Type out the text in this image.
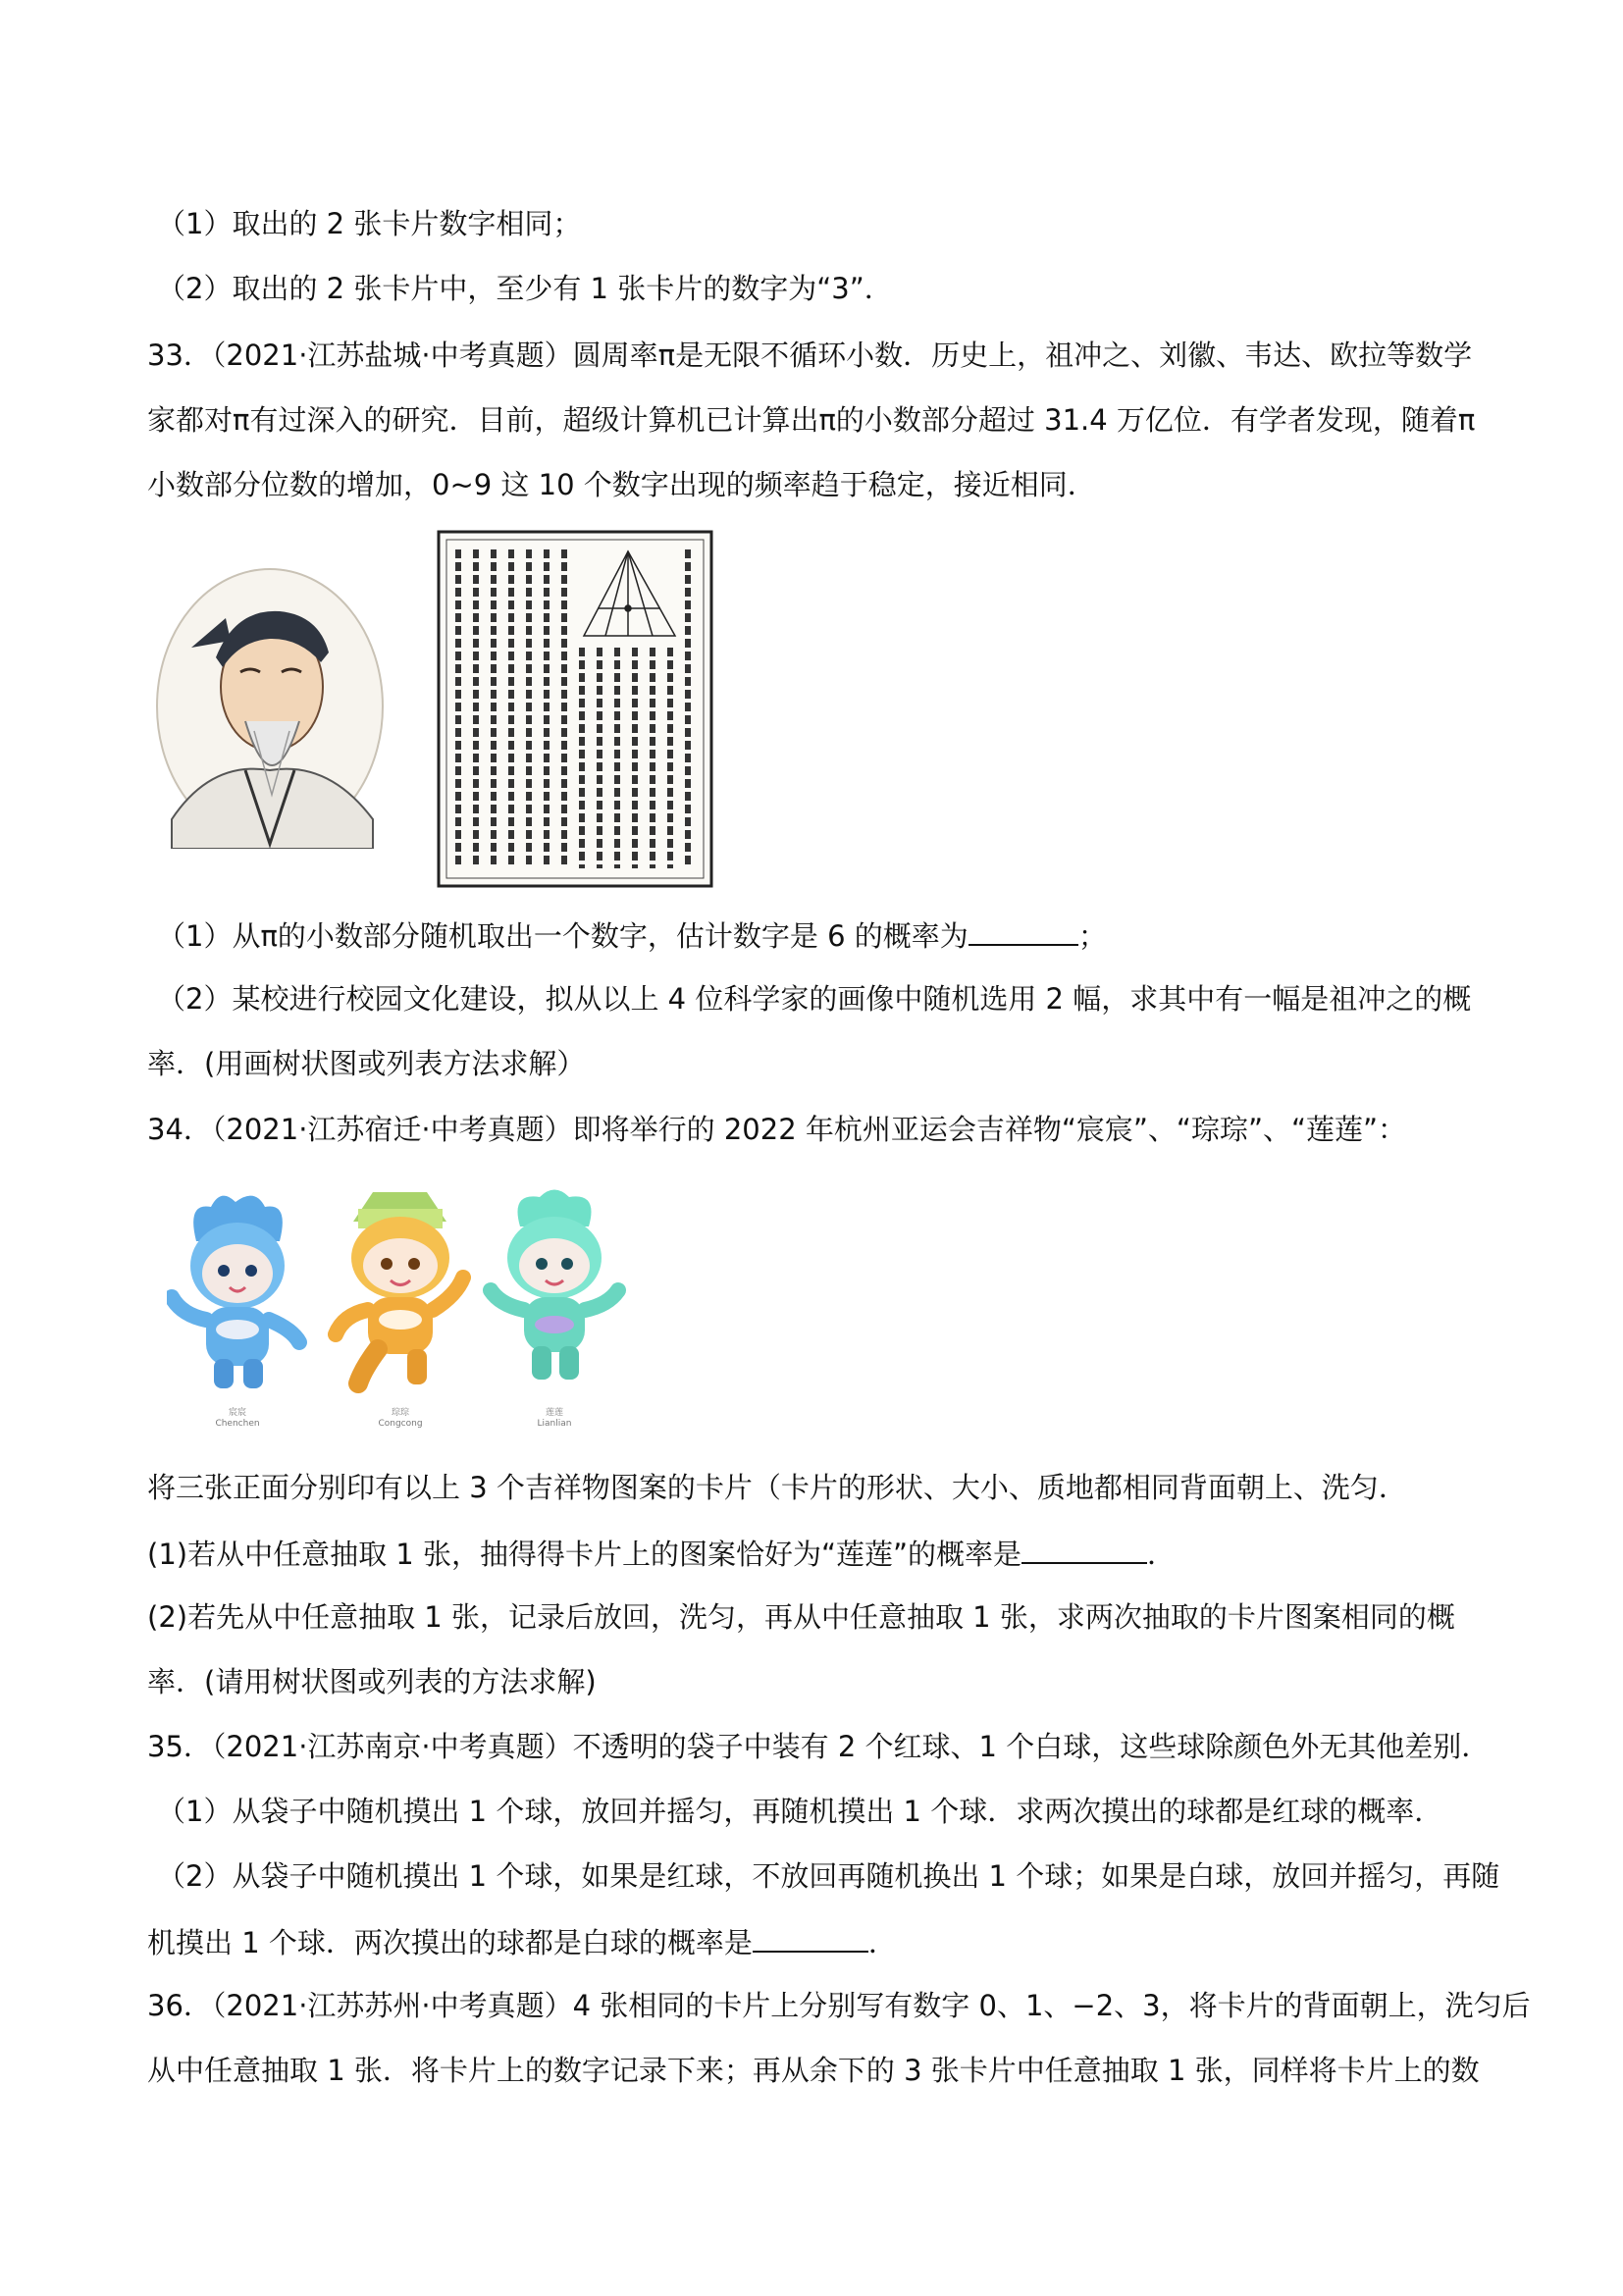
（1）取出的 2 张卡片数字相同；
（2）取出的 2 张卡片中，至少有 1 张卡片的数字为“3”．
33．（2021·江苏盐城·中考真题）圆周率π是无限不循环小数．历史上，祖冲之、刘徽、韦达、欧拉等数学
家都对π有过深入的研究．目前，超级计算机已计算出π的小数部分超过 31.4 万亿位．有学者发现，随着π
小数部分位数的增加，0~9 这 10 个数字出现的频率趋于稳定，接近相同．
（1）从π的小数部分随机取出一个数字，估计数字是 6 的概率为	；
（2）某校进行校园文化建设，拟从以上 4 位科学家的画像中随机选用 2 幅，求其中有一幅是祖冲之的概
率．(用画树状图或列表方法求解）
34．（2021·江苏宿迁·中考真题）即将举行的 2022 年杭州亚运会吉祥物“宸宸”、“琮琮”、“莲莲”：
宸宸
Chenchen
琮琮
Congcong
莲莲
Lianlian
将三张正面分别印有以上 3 个吉祥物图案的卡片（卡片的形状、大小、质地都相同背面朝上、洗匀．
(1)若从中任意抽取 1 张，抽得得卡片上的图案恰好为“莲莲”的概率是	．
(2)若先从中任意抽取 1 张，记录后放回，洗匀，再从中任意抽取 1 张，求两次抽取的卡片图案相同的概
率．(请用树状图或列表的方法求解)
35．（2021·江苏南京·中考真题）不透明的袋子中装有 2 个红球、1 个白球，这些球除颜色外无其他差别．
（1）从袋子中随机摸出 1 个球，放回并摇匀，再随机摸出 1 个球．求两次摸出的球都是红球的概率．
（2）从袋子中随机摸出 1 个球，如果是红球，不放回再随机换出 1 个球；如果是白球，放回并摇匀，再随
机摸出 1 个球．两次摸出的球都是白球的概率是	．
36．（2021·江苏苏州·中考真题）4 张相同的卡片上分别写有数字 0、1、−2、3，将卡片的背面朝上，洗匀后
从中任意抽取 1 张．将卡片上的数字记录下来；再从余下的 3 张卡片中任意抽取 1 张，同样将卡片上的数
